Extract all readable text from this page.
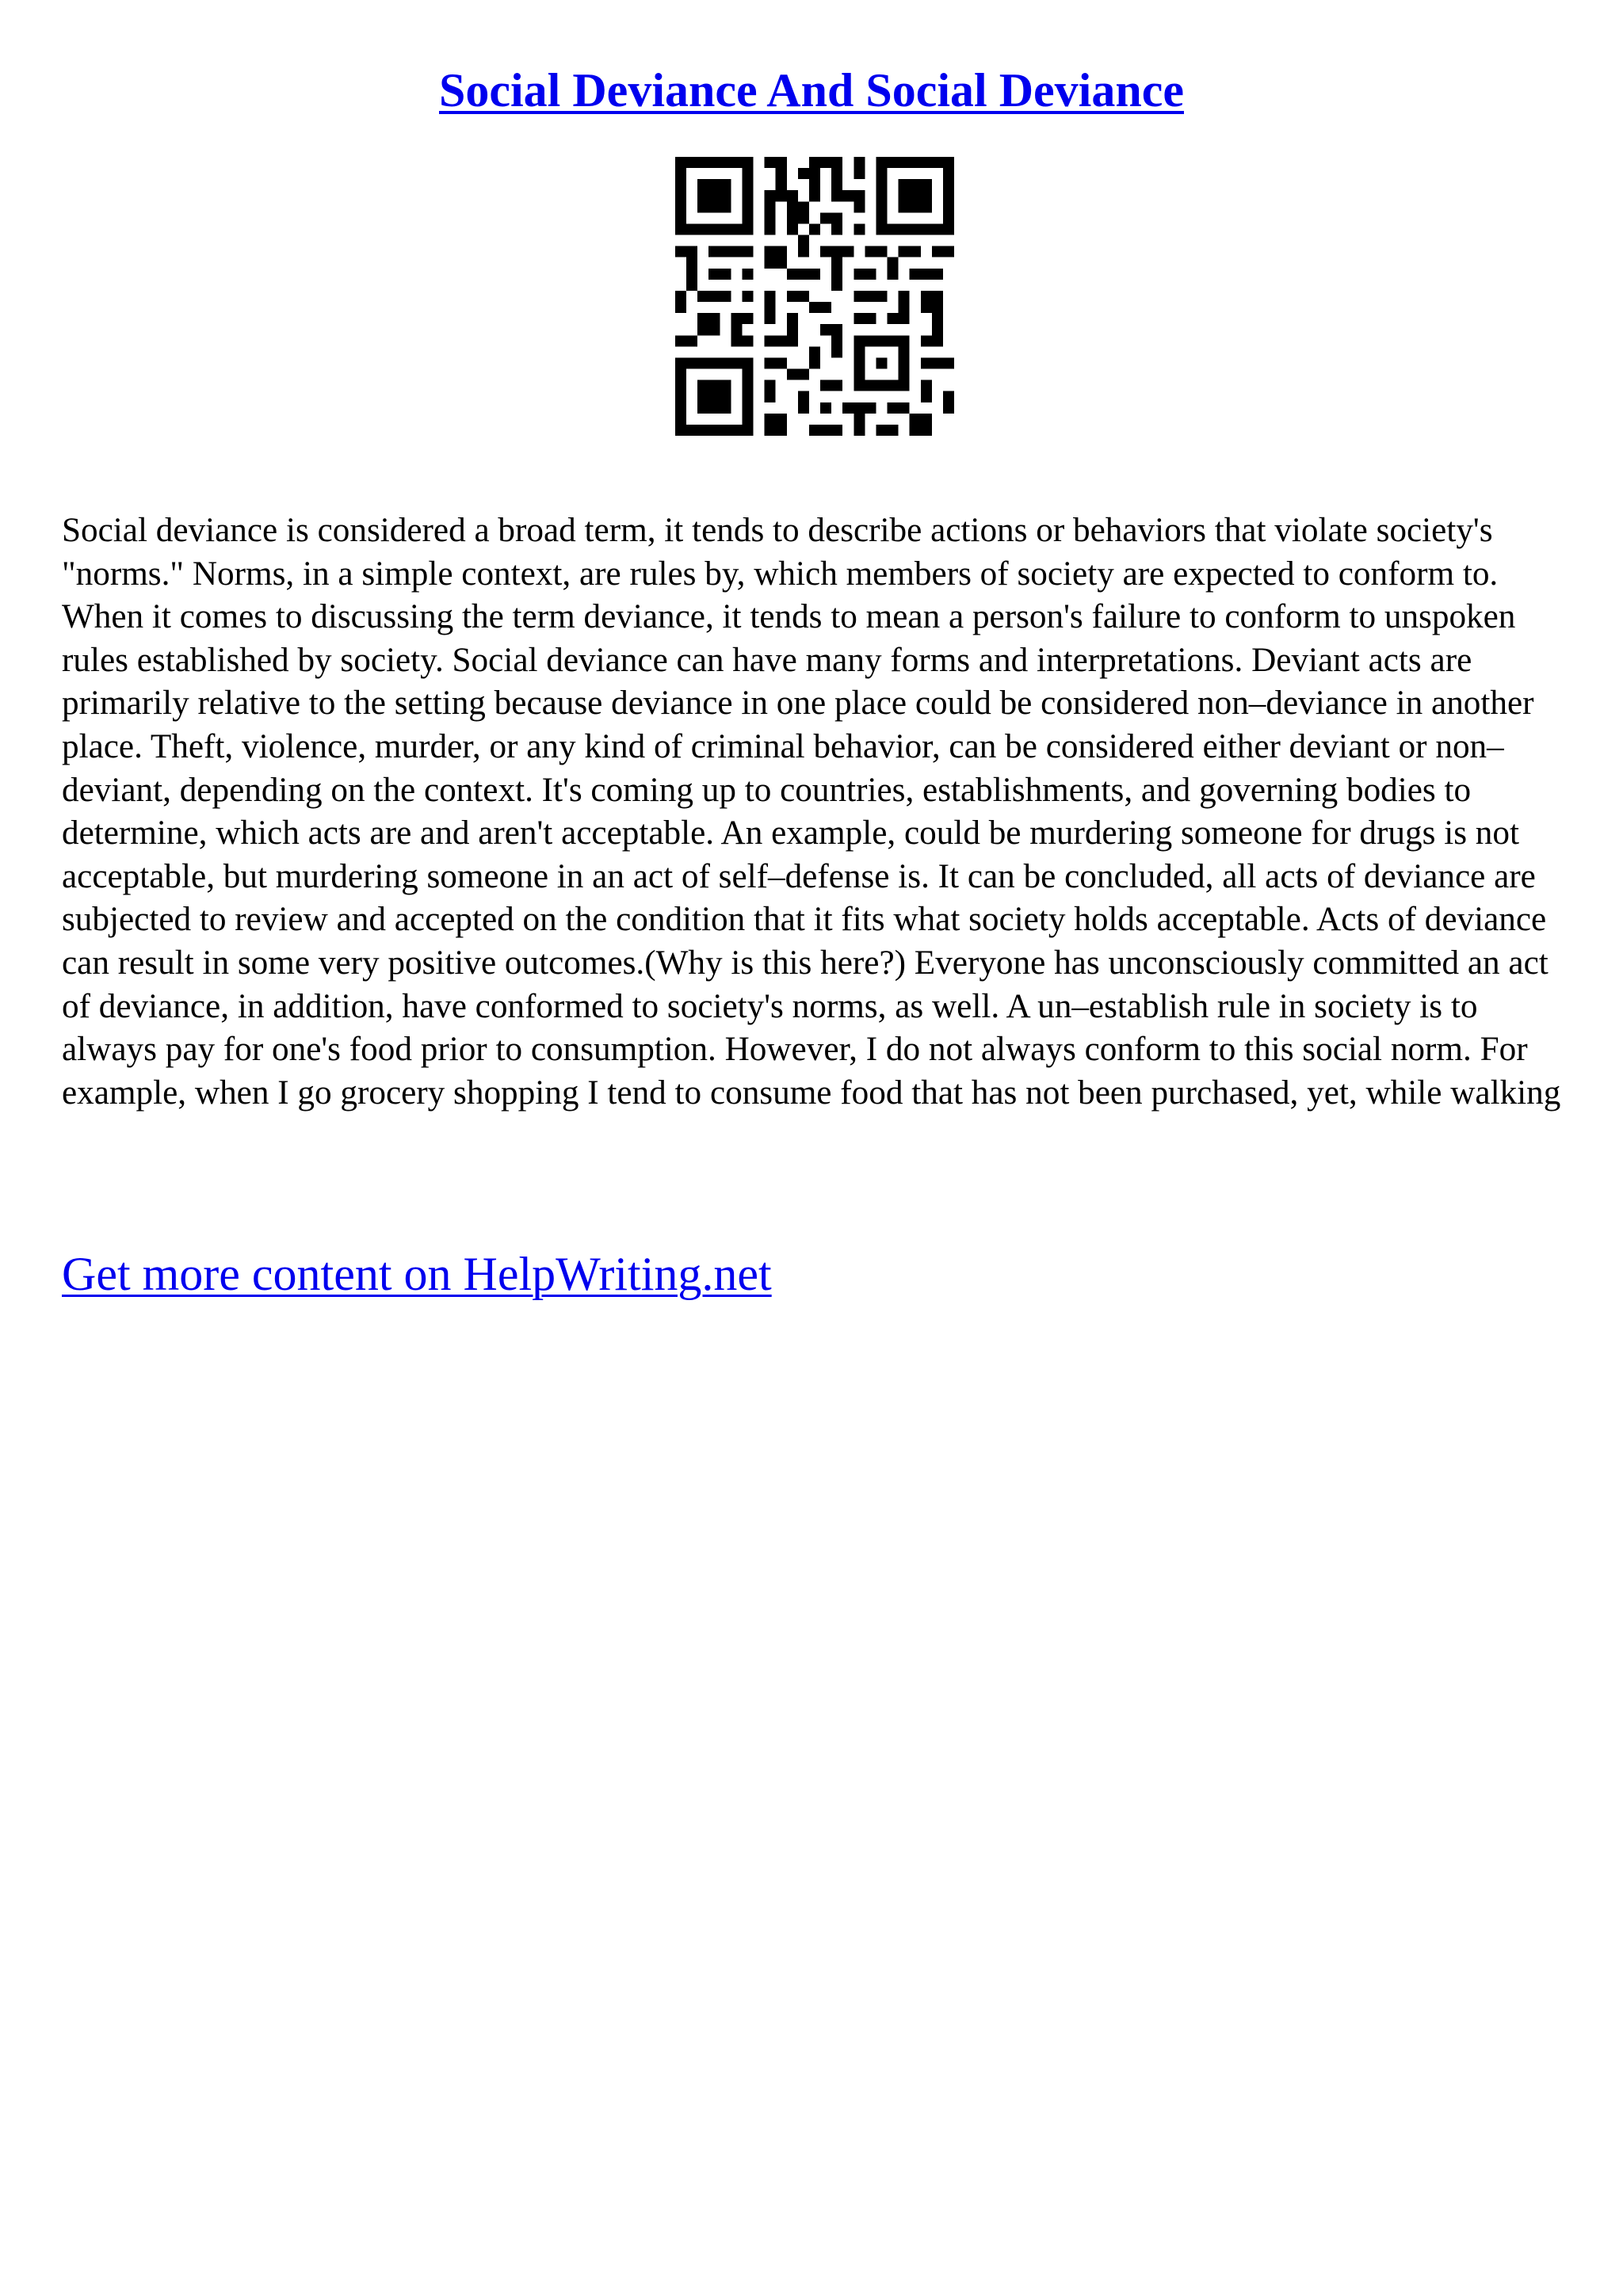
Social Deviance And Social Deviance

Social deviance is considered a broad term, it tends to describe actions or behaviors that violate society's "norms." Norms, in a simple context, are rules by, which members of society are expected to conform to. When it comes to discussing the term deviance, it tends to mean a person's failure to conform to unspoken rules established by society. Social deviance can have many forms and interpretations. Deviant acts are primarily relative to the setting because deviance in one place could be considered non–deviance in another place. Theft, violence, murder, or any kind of criminal behavior, can be considered either deviant or non–deviant, depending on the context. It's coming up to countries, establishments, and governing bodies to determine, which acts are and aren't acceptable. An example, could be murdering someone for drugs is not acceptable, but murdering someone in an act of self–defense is. It can be concluded, all acts of deviance are subjected to review and accepted on the condition that it fits what society holds acceptable. Acts of deviance can result in some very positive outcomes.(Why is this here?) Everyone has unconsciously committed an act of deviance, in addition, have conformed to society's norms, as well. A un–establish rule in society is to always pay for one's food prior to consumption. However, I do not always conform to this social norm. For example, when I go grocery shopping I tend to consume food that has not been purchased, yet, while walking

Get more content on HelpWriting.net
